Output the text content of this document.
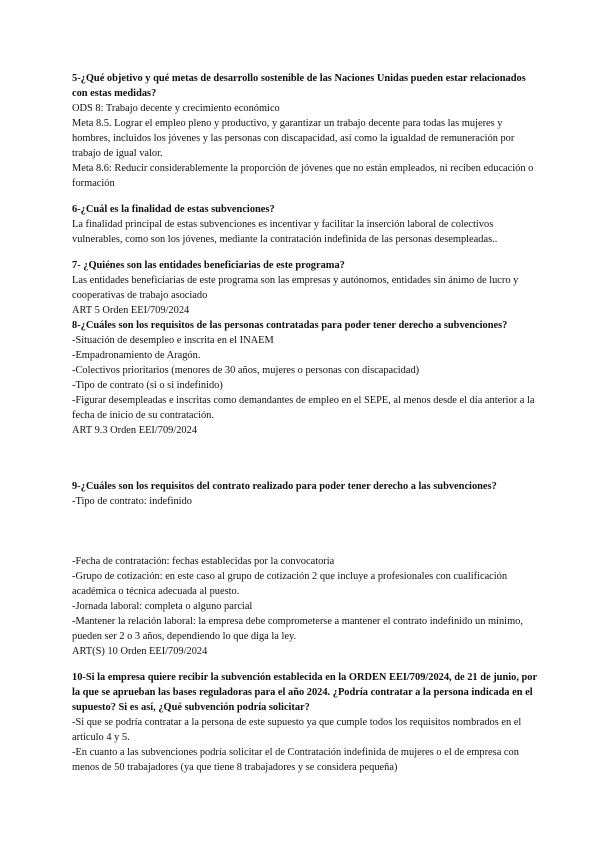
5-¿Qué objetivo y qué metas de desarrollo sostenible de las Naciones Unidas pueden estar relacionados con estas medidas?

ODS 8: Trabajo decente y crecimiento económico

Meta 8.5. Lograr el empleo pleno y productivo, y garantizar un trabajo decente para todas las mujeres y hombres, incluidos los jóvenes y las personas con discapacidad, así como la igualdad de remuneración por trabajo de igual valor.

Meta 8.6: Reducir considerablemente la proporción de jóvenes que no están empleados, ni reciben educación o formación

6-¿Cuál es la finalidad de estas subvenciones?

La finalidad principal de estas subvenciones es incentivar y facilitar la inserción laboral de colectivos vulnerables, como son los jóvenes, mediante la contratación indefinida de las personas desempleadas..

7- ¿Quiénes son las entidades beneficiarias de este programa?

Las entidades beneficiarias de este programa son las empresas y autónomos, entidades sin ánimo de lucro y cooperativas de trabajo asociado

ART 5 Orden EEI/709/2024

8-¿Cuáles son los requisitos de las personas contratadas para poder tener derecho a subvenciones?

-Situación de desempleo e inscrita en el INAEM

-Empadronamiento de Aragón.

-Colectivos prioritarios (menores de 30 años, mujeres o personas con discapacidad)

-Tipo de contrato (si o si indefinido)

-Figurar desempleadas e inscritas como demandantes de empleo en el SEPE, al menos desde el día anterior a la fecha de inicio de su contratación.

ART 9.3 Orden EEI/709/2024

9-¿Cuáles son los requisitos del contrato realizado para poder tener derecho a las subvenciones?

-Tipo de contrato: indefinido

-Fecha de contratación: fechas establecidas por la convocatoria

-Grupo de cotización: en este caso al grupo de cotización 2 que incluye a profesionales con cualificación académica o técnica adecuada al puesto.

-Jornada laboral: completa o alguno parcial

-Mantener la relación laboral: la empresa debe comprometerse a mantener el contrato indefinido un mínimo, pueden ser 2 o 3 años, dependiendo lo que diga la ley.

ART(S) 10 Orden EEI/709/2024

10-Si la empresa quiere recibir la subvención establecida en la ORDEN EEI/709/2024, de 21 de junio, por la que se aprueban las bases reguladoras para el año 2024. ¿Podría contratar a la persona indicada en el supuesto? Si es así, ¿Qué subvención podría solicitar?

-Si que se podría contratar a la persona de este supuesto ya que cumple todos los requisitos nombrados en el artículo 4 y 5.

-En cuanto a las subvenciones podría solicitar el de Contratación indefinida de mujeres o el de empresa con menos de 50 trabajadores (ya que tiene 8 trabajadores y se considera pequeña)
